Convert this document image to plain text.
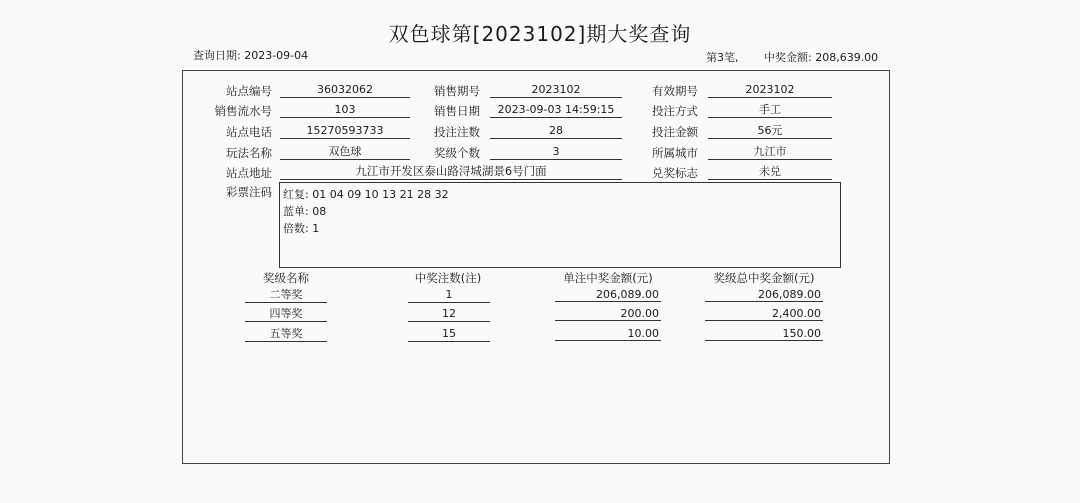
双色球第[2023102]期大奖查询
查询日期: 2023-09-04	第3笔, 中奖金额: 208,639.00
站点编号	36032062	销售期号	2023102	有效期号	2023102
销售流水号	103	销售日期	2023-09-03 14:59:15	投注方式	手工
站点电话	15270593733	投注注数	28	投注金额	56元
玩法名称	双色球	奖级个数	3	所属城市	九江市
站点地址	九江市开发区泰山路浔城湖景6号门面	兑奖标志	未兑
彩票注码 红复: 01 04 09 10 13 21 28 32
蓝单: 08
倍数: 1
奖级名称	中奖注数(注)	单注中奖金额(元)	奖级总中奖金额(元)
二等奖	1	206,089.00	206,089.00
四等奖	12	200.00	2,400.00
五等奖	15	10.00	150.00
